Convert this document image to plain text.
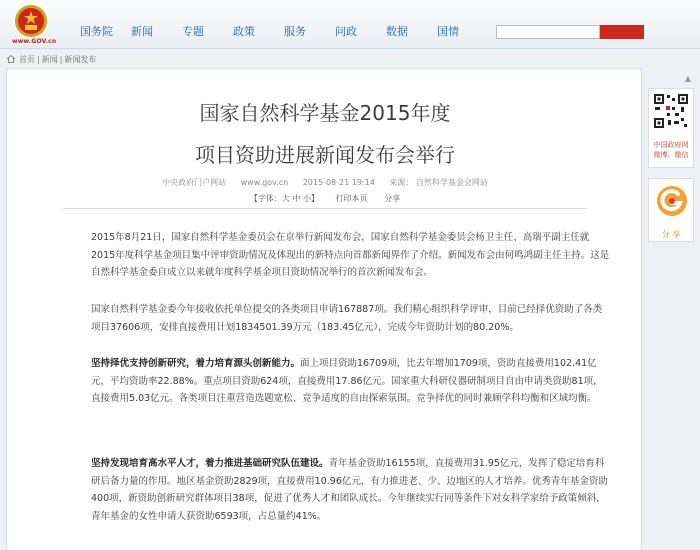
www.GOV.cn
国务院 新闻	专题	政策	服务	问政	数据	国情
首页 | 新闻 | 新闻发布
国家自然科学基金2015年度
项目资助进展新闻发布会举行
中央政府门户网站 www.gov.cn 2015-08-21 19:14 来源： 自然科学基金会网站
【字体：大 中 小】 打印本页 分享

2015年8月21日，国家自然科学基金委员会在京举行新闻发布会，国家自然科学基金委员会杨卫主任、高瑞平副主任就2015年度科学基金项目集中评审资助情况及体现出的新特点向首都新闻界作了介绍。新闻发布会由何鸣鸿副主任主持。这是自然科学基金委自成立以来就年度科学基金项目资助情况举行的首次新闻发布会。

国家自然科学基金委今年接收依托单位提交的各类项目申请167887项。我们精心组织科学评审，目前已经择优资助了各类项目37606项，安排直接费用计划1834501.39万元（183.45亿元），完成今年资助计划的80.20%。

坚持择优支持创新研究，着力培育源头创新能力。面上项目资助16709项，比去年增加1709项，资助直接费用102.41亿元，平均资助率22.88%。重点项目资助624项，直接费用17.86亿元。国家重大科研仪器研制项目自由申请类资助81项，直接费用5.03亿元。各类项目注重营造选题宽松、竞争适度的自由探索氛围。竞争择优的同时兼顾学科均衡和区域均衡。

坚持发现培育高水平人才，着力推进基础研究队伍建设。青年基金资助16155项，直接费用31.95亿元，发挥了稳定培育科研后备力量的作用。地区基金资助2829项，直接费用10.96亿元，有力推进老、少、边地区的人才培养。优秀青年基金资助400项，新资助创新研究群体项目38项，促进了优秀人才和团队成长。今年继续实行同等条件下对女科学家给予政策倾斜，青年基金的女性申请人获资助6593项，占总量约41%。

▲
中国政府网
微博、微信
分 享
